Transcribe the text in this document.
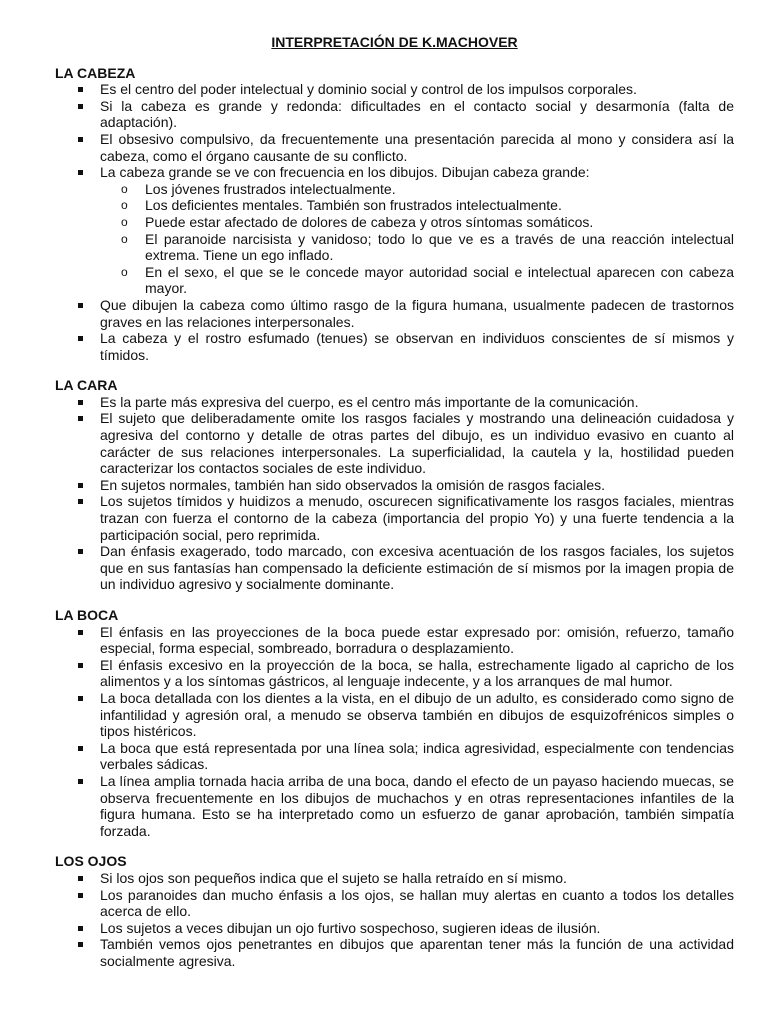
INTERPRETACIÓN DE K.MACHOVER
LA CABEZA
Es el centro del poder intelectual y dominio social y control de los impulsos corporales.
Si la cabeza es grande y redonda: dificultades en el contacto social y desarmonía (falta de adaptación).
El obsesivo compulsivo, da frecuentemente una presentación parecida al mono y considera así la cabeza, como el órgano causante de su conflicto.
La cabeza grande se ve con frecuencia en los dibujos. Dibujan cabeza grande:
o Los jóvenes frustrados intelectualmente.
o Los deficientes mentales. También son frustrados intelectualmente.
o Puede estar afectado de dolores de cabeza y otros síntomas somáticos.
o El paranoide narcisista y vanidoso; todo lo que ve es a través de una reacción intelectual extrema. Tiene un ego inflado.
o En el sexo, el que se le concede mayor autoridad social e intelectual aparecen con cabeza mayor.
Que dibujen la cabeza como último rasgo de la figura humana, usualmente padecen de trastornos graves en las relaciones interpersonales.
La cabeza y el rostro esfumado (tenues) se observan en individuos conscientes de sí mismos y tímidos.
LA CARA
Es la parte más expresiva del cuerpo, es el centro más importante de la comunicación.
El sujeto que deliberadamente omite los rasgos faciales y mostrando una delineación cuidadosa y agresiva del contorno y detalle de otras partes del dibujo, es un individuo evasivo en cuanto al carácter de sus relaciones interpersonales. La superficialidad, la cautela y la, hostilidad pueden caracterizar los contactos sociales de este individuo.
En sujetos normales, también han sido observados la omisión de rasgos faciales.
Los sujetos tímidos y huidizos a menudo, oscurecen significativamente los rasgos faciales, mientras trazan con fuerza el contorno de la cabeza (importancia del propio Yo) y una fuerte tendencia a la participación social, pero reprimida.
Dan énfasis exagerado, todo marcado, con excesiva acentuación de los rasgos faciales, los sujetos que en sus fantasías han compensado la deficiente estimación de sí mismos por la imagen propia de un individuo agresivo y socialmente dominante.
LA BOCA
El énfasis en las proyecciones de la boca puede estar expresado por: omisión, refuerzo, tamaño especial, forma especial, sombreado, borradura o desplazamiento.
El énfasis excesivo en la proyección de la boca, se halla, estrechamente ligado al capricho de los alimentos y a los síntomas gástricos, al lenguaje indecente, y a los arranques de mal humor.
La boca detallada con los dientes a la vista, en el dibujo de un adulto, es considerado como signo de infantilidad y agresión oral, a menudo se observa también en dibujos de esquizofrénicos simples o tipos histéricos.
La boca que está representada por una línea sola; indica agresividad, especialmente con tendencias verbales sádicas.
La línea amplia tornada hacia arriba de una boca, dando el efecto de un payaso haciendo muecas, se observa frecuentemente en los dibujos de muchachos y en otras representaciones infantiles de la figura humana. Esto se ha interpretado como un esfuerzo de ganar aprobación, también simpatía forzada.
LOS OJOS
Si los ojos son pequeños indica que el sujeto se halla retraído en sí mismo.
Los paranoides dan mucho énfasis a los ojos, se hallan muy alertas en cuanto a todos los detalles acerca de ello.
Los sujetos a veces dibujan un ojo furtivo sospechoso, sugieren ideas de ilusión.
También vemos ojos penetrantes en dibujos que aparentan tener más la función de una actividad socialmente agresiva.
